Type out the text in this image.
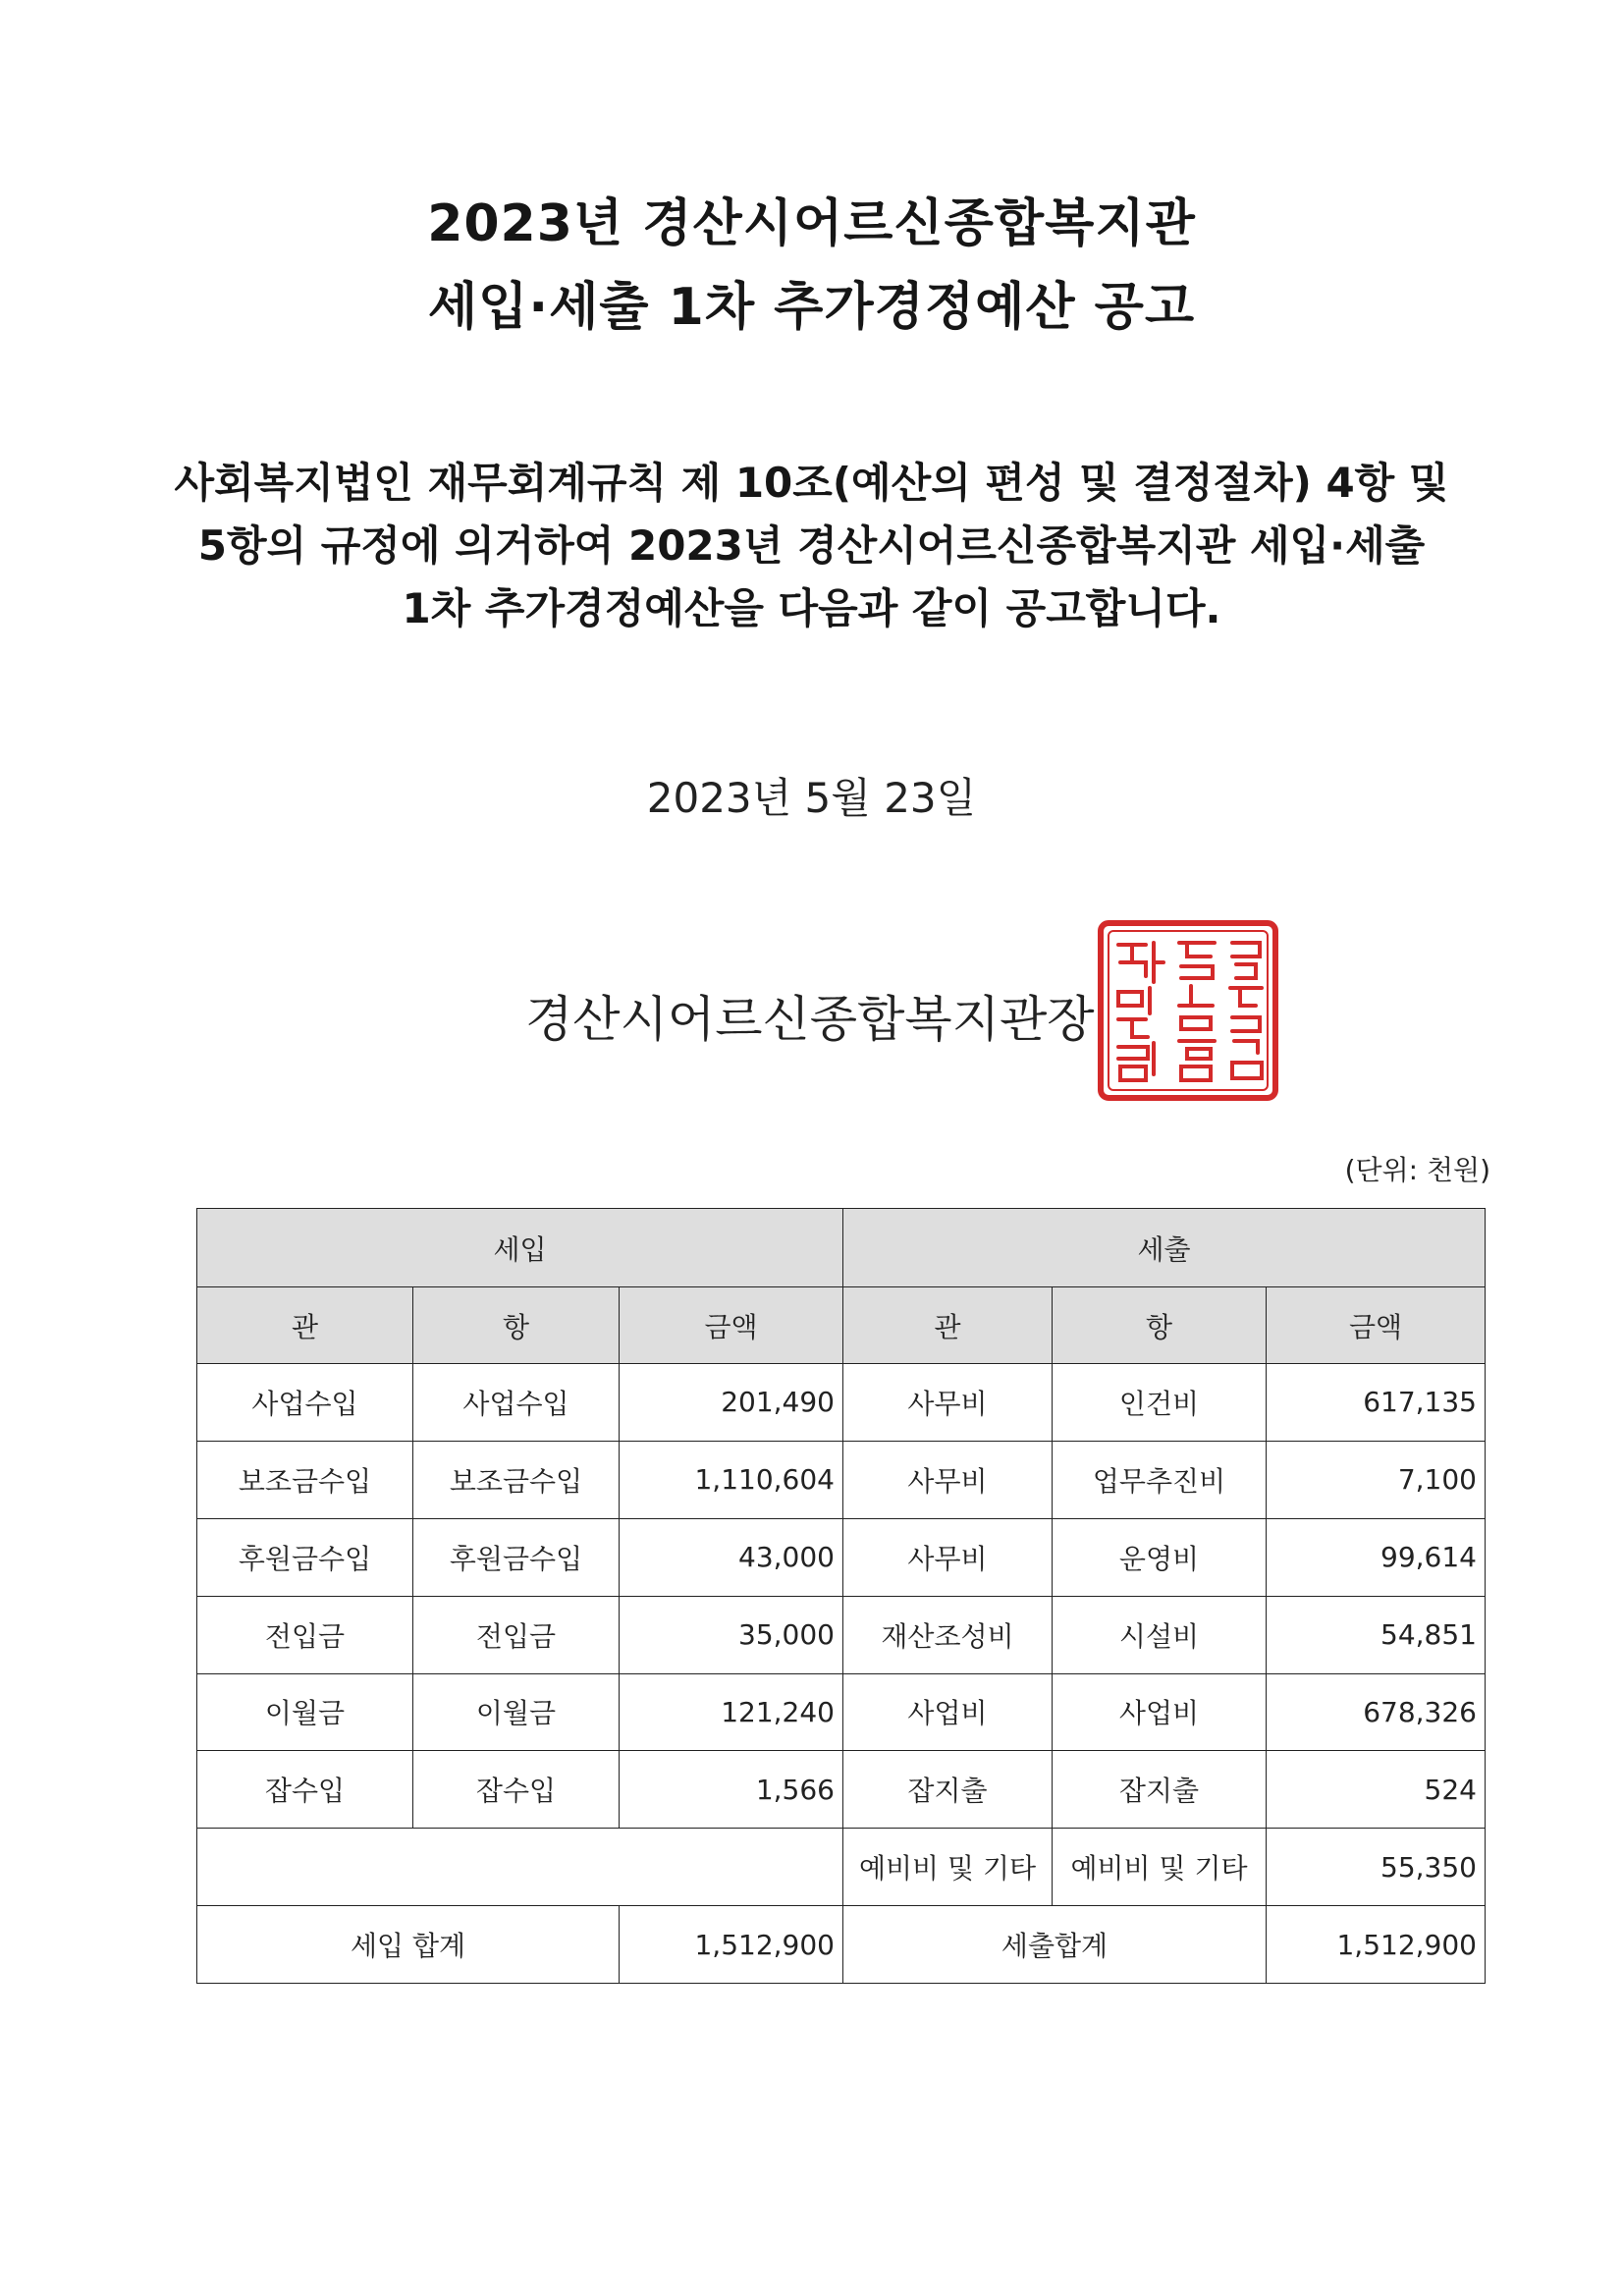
2023년 경산시어르신종합복지관
세입·세출 1차 추가경정예산 공고
사회복지법인 재무회계규칙 제 10조(예산의 편성 및 결정절차) 4항 및
5항의 규정에 의거하여 2023년 경산시어르신종합복지관 세입·세출
1차 추가경정예산을 다음과 같이 공고합니다.
2023년 5월 23일
경산시어르신종합복지관장
(단위: 천원)
세입			세출		
관	항	금액	관	항	금액
사업수입	사업수입	201,490	사무비	인건비	617,135
보조금수입	보조금수입	1,110,604	사무비	업무추진비	7,100
후원금수입	후원금수입	43,000	사무비	운영비	99,614
전입금	전입금	35,000	재산조성비	시설비	54,851
이월금	이월금	121,240	사업비	사업비	678,326
잡수입	잡수입	1,566	잡지출	잡지출	524
			예비비 및 기타	예비비 및 기타	55,350
세입 합계		1,512,900	세출합계		1,512,900
